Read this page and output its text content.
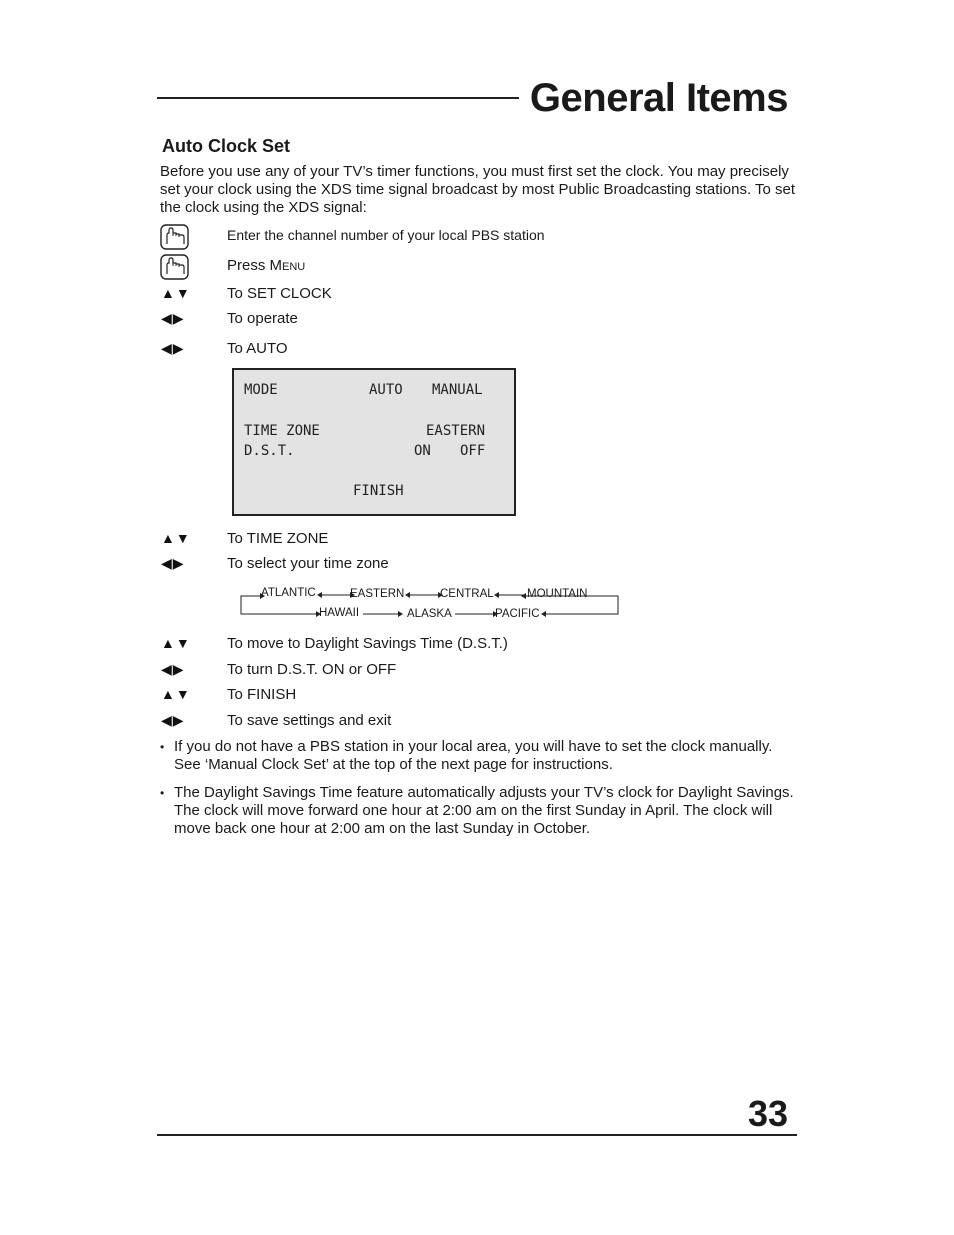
General Items
Auto Clock Set
Before you use any of your TV’s timer functions, you must first set the clock. You may precisely set your clock using the XDS time signal broadcast by most Public Broadcasting stations. To set the clock using the XDS signal:
Enter the channel number of your local PBS station
Press MENU
▲▼ To SET CLOCK
◀▶	To operate
◀▶	To AUTO
MODE	AUTO MANUAL
TIME ZONE	EASTERN
D.S.T.	ON OFF
FINISH
▲▼ To TIME ZONE
◀▶	To select your time zone
ATLANTIC	EASTERN	CENTRAL	MOUNTAIN
HAWAII	ALASKA	PACIFIC
▲▼ To move to Daylight Savings Time (D.S.T.)
◀▶	To turn D.S.T. ON or OFF
▲▼ To FINISH
◀▶	To save settings and exit
• If you do not have a PBS station in your local area, you will have to set the clock manually. See ‘Manual Clock Set’ at the top of the next page for instructions.
• The Daylight Savings Time feature automatically adjusts your TV’s clock for Daylight Savings. The clock will move forward one hour at 2:00 am on the first Sunday in April. The clock will move back one hour at 2:00 am on the last Sunday in October.
33
